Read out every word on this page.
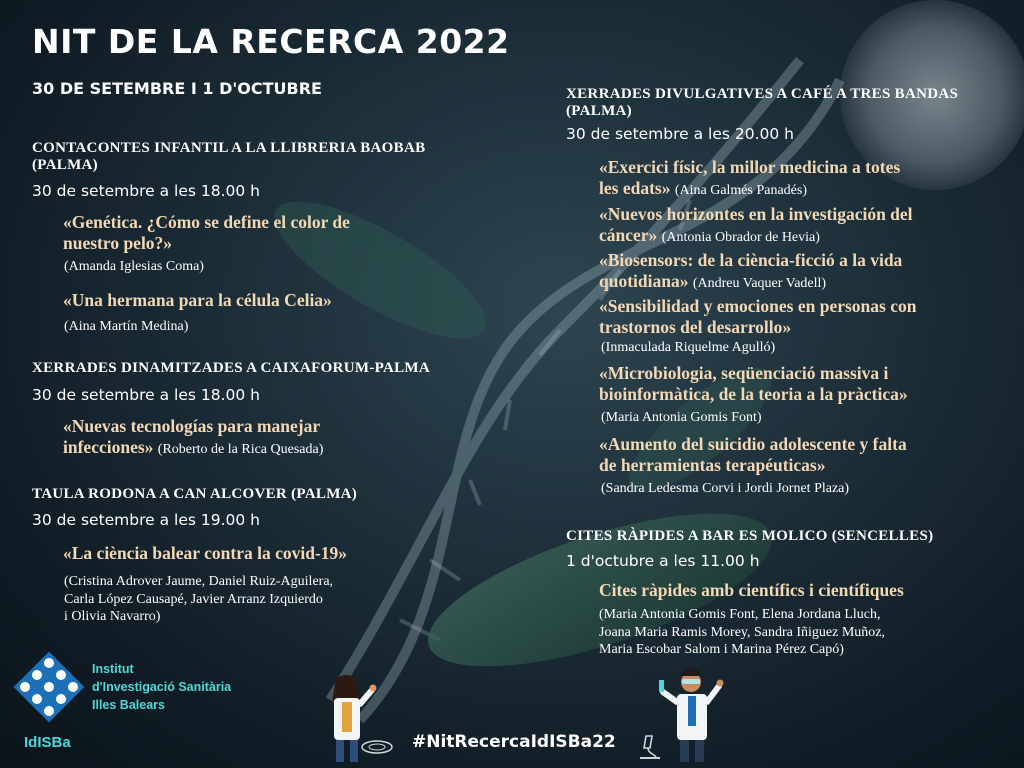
NIT DE LA RECERCA 2022

30 DE SETEMBRE I 1 D'OCTUBRE

CONTACONTES INFANTIL A LA LLIBRERIA BAOBAB
(PALMA)

30 de setembre a les 18.00 h

«Genética. ¿Cómo se define el color de
nuestro pelo?»

(Amanda Iglesias Coma)

«Una hermana para la célula Celia»

(Aina Martín Medina)

XERRADES DINAMITZADES A CAIXAFORUM-PALMA

30 de setembre a les 18.00 h

«Nuevas tecnologías para manejar
infecciones» (Roberto de la Rica Quesada)

TAULA RODONA A CAN ALCOVER (PALMA)

30 de setembre a les 19.00 h

«La ciència balear contra la covid-19»

(Cristina Adrover Jaume, Daniel Ruiz-Aguilera,
Carla López Causapé, Javier Arranz Izquierdo
i Olivia Navarro)

XERRADES DIVULGATIVES A CAFÉ A TRES BANDAS
(PALMA)

30 de setembre a les 20.00 h

«Exercici físic, la millor medicina a totes
les edats» (Aina Galmés Panadés)

«Nuevos horizontes en la investigación del
cáncer» (Antonia Obrador de Hevia)

«Biosensors: de la ciència-ficció a la vida
quotidiana» (Andreu Vaquer Vadell)

«Sensibilidad y emociones en personas con
trastornos del desarrollo»

(Inmaculada Riquelme Agulló)

«Microbiologia, seqüenciació massiva i
bioinformàtica, de la teoria a la pràctica»

(Maria Antonia Gomis Font)

«Aumento del suicidio adolescente y falta
de herramientas terapéuticas»

(Sandra Ledesma Corvi i Jordi Jornet Plaza)

CITES RÀPIDES A BAR ES MOLICO (SENCELLES)

1 d'octubre a les 11.00 h

Cites ràpides amb científics i científiques

(Maria Antonia Gomis Font, Elena Jordana Lluch,
Joana Maria Ramis Morey, Sandra Iñiguez Muñoz,
Maria Escobar Salom i Marina Pérez Capó)

Institut
d'Investigació Sanitària
Illes Balears
IdISBa	#NitRecercaIdISBa22
